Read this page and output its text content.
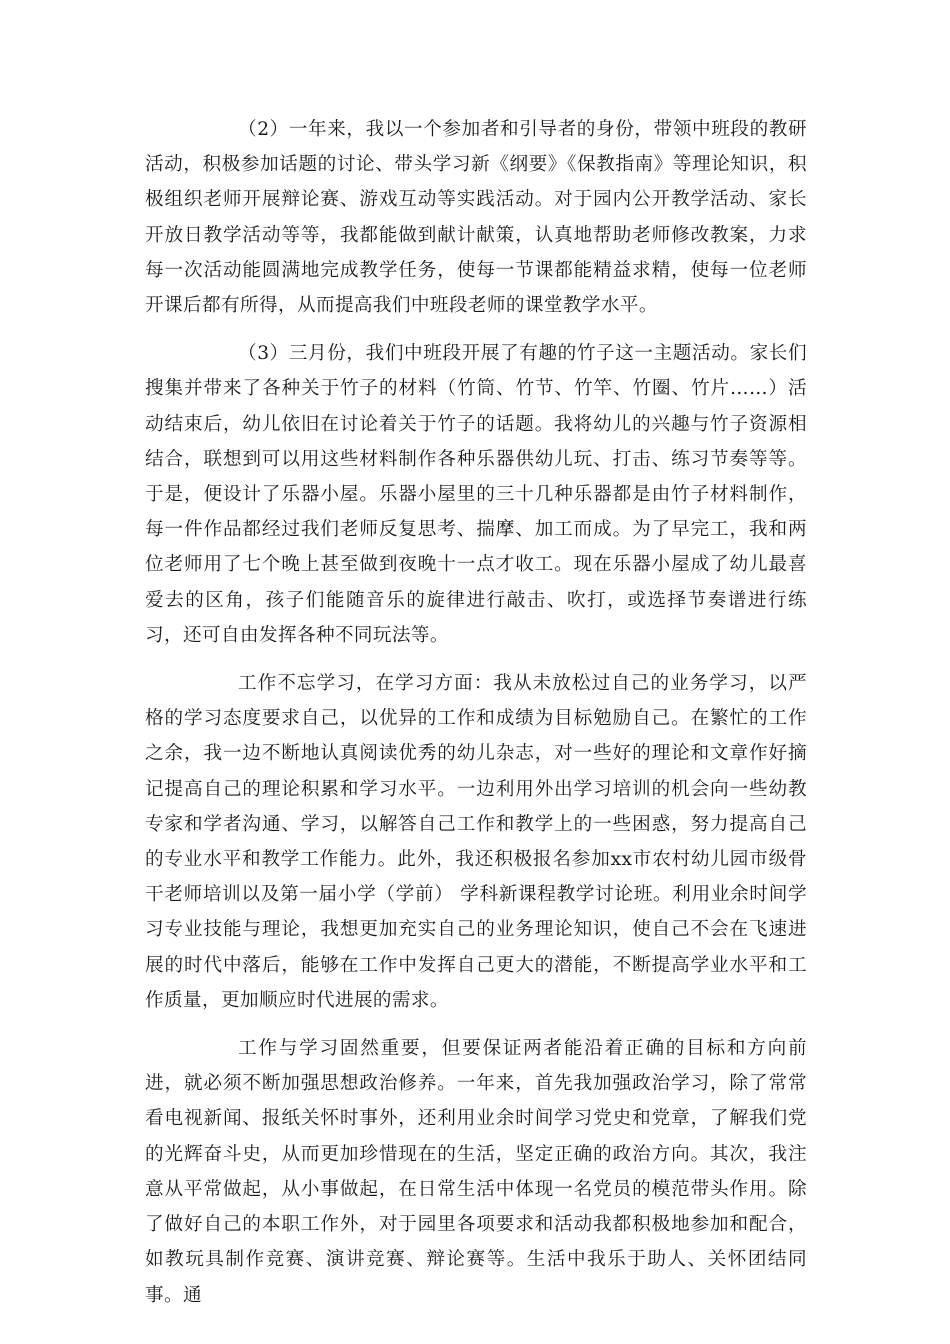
（2）一年来，我以一个参加者和引导者的身份，带领中班段的教研活动，积极参加话题的讨论、带头学习新《纲要》《保教指南》等理论知识，积极组织老师开展辩论赛、游戏互动等实践活动。对于园内公开教学活动、家长开放日教学活动等等，我都能做到献计献策，认真地帮助老师修改教案，力求每一次活动能圆满地完成教学任务，使每一节课都能精益求精，使每一位老师开课后都有所得，从而提高我们中班段老师的课堂教学水平。

（3）三月份，我们中班段开展了有趣的竹子这一主题活动。家长们搜集并带来了各种关于竹子的材料（竹筒、竹节、竹竿、竹圈、竹片……）活动结束后，幼儿依旧在讨论着关于竹子的话题。我将幼儿的兴趣与竹子资源相结合，联想到可以用这些材料制作各种乐器供幼儿玩、打击、练习节奏等等。于是，便设计了乐器小屋。乐器小屋里的三十几种乐器都是由竹子材料制作，每一件作品都经过我们老师反复思考、揣摩、加工而成。为了早完工，我和两位老师用了七个晚上甚至做到夜晚十一点才收工。现在乐器小屋成了幼儿最喜爱去的区角，孩子们能随音乐的旋律进行敲击、吹打，或选择节奏谱进行练习，还可自由发挥各种不同玩法等。

工作不忘学习，在学习方面：我从未放松过自己的业务学习，以严格的学习态度要求自己，以优异的工作和成绩为目标勉励自己。在繁忙的工作之余，我一边不断地认真阅读优秀的幼儿杂志，对一些好的理论和文章作好摘记提高自己的理论积累和学习水平。一边利用外出学习培训的机会向一些幼教专家和学者沟通、学习，以解答自己工作和教学上的一些困惑，努力提高自己的专业水平和教学工作能力。此外，我还积极报名参加xx市农村幼儿园市级骨干老师培训以及第一届小学（学前） 学科新课程教学讨论班。利用业余时间学习专业技能与理论，我想更加充实自己的业务理论知识，使自己不会在飞速进展的时代中落后，能够在工作中发挥自己更大的潜能，不断提高学业水平和工作质量，更加顺应时代进展的需求。

工作与学习固然重要，但要保证两者能沿着正确的目标和方向前进，就必须不断加强思想政治修养。一年来，首先我加强政治学习，除了常常看电视新闻、报纸关怀时事外，还利用业余时间学习党史和党章，了解我们党的光辉奋斗史，从而更加珍惜现在的生活，坚定正确的政治方向。其次，我注意从平常做起，从小事做起，在日常生活中体现一名党员的模范带头作用。除了做好自己的本职工作外，对于园里各项要求和活动我都积极地参加和配合，如教玩具制作竞赛、演讲竞赛、辩论赛等。生活中我乐于助人、关怀团结同事。通
